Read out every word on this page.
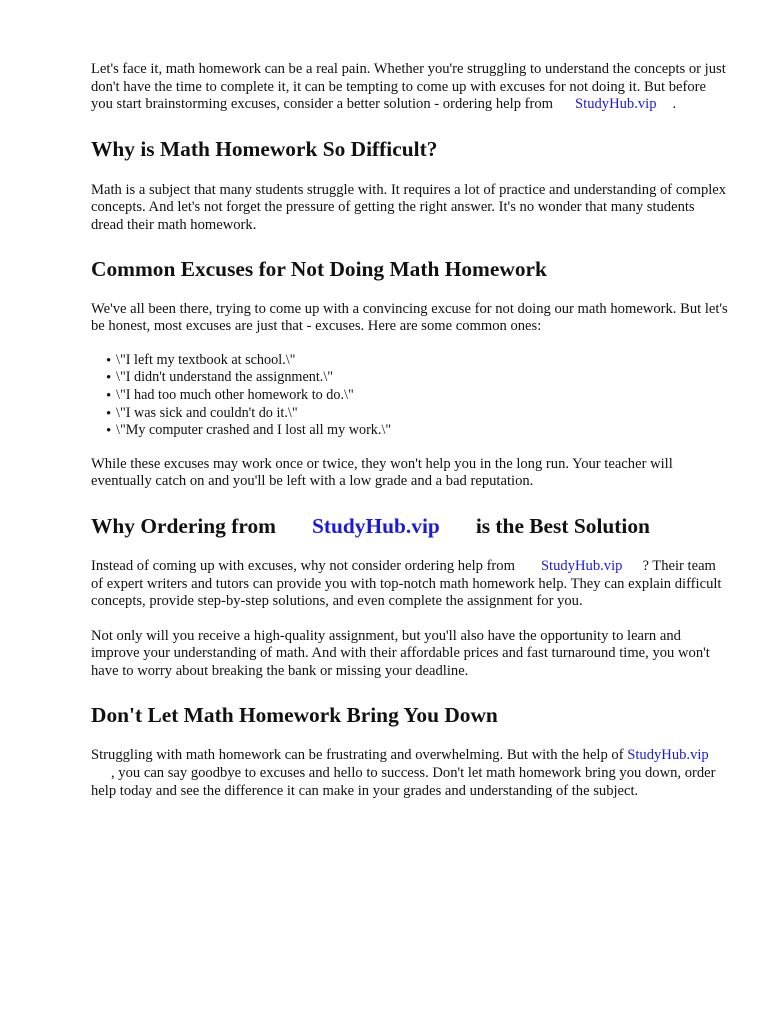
Let's face it, math homework can be a real pain. Whether you're struggling to understand the concepts or just don't have the time to complete it, it can be tempting to come up with excuses for not doing it. But before you start brainstorming excuses, consider a better solution - ordering help from StudyHub.vip .

Why is Math Homework So Difficult?

Math is a subject that many students struggle with. It requires a lot of practice and understanding of complex concepts. And let's not forget the pressure of getting the right answer. It's no wonder that many students dread their math homework.

Common Excuses for Not Doing Math Homework

We've all been there, trying to come up with a convincing excuse for not doing our math homework. But let's be honest, most excuses are just that - excuses. Here are some common ones:

• \"I left my textbook at school.\"
• \"I didn't understand the assignment.\"
• \"I had too much other homework to do.\"
• \"I was sick and couldn't do it.\"
• \"My computer crashed and I lost all my work.\"

While these excuses may work once or twice, they won't help you in the long run. Your teacher will eventually catch on and you'll be left with a low grade and a bad reputation.

Why Ordering from StudyHub.vip is the Best Solution

Instead of coming up with excuses, why not consider ordering help from StudyHub.vip ? Their team of expert writers and tutors can provide you with top-notch math homework help. They can explain difficult concepts, provide step-by-step solutions, and even complete the assignment for you.

Not only will you receive a high-quality assignment, but you'll also have the opportunity to learn and improve your understanding of math. And with their affordable prices and fast turnaround time, you won't have to worry about breaking the bank or missing your deadline.

Don't Let Math Homework Bring You Down

Struggling with math homework can be frustrating and overwhelming. But with the help of StudyHub.vip, you can say goodbye to excuses and hello to success. Don't let math homework bring you down, order help today and see the difference it can make in your grades and understanding of the subject.
